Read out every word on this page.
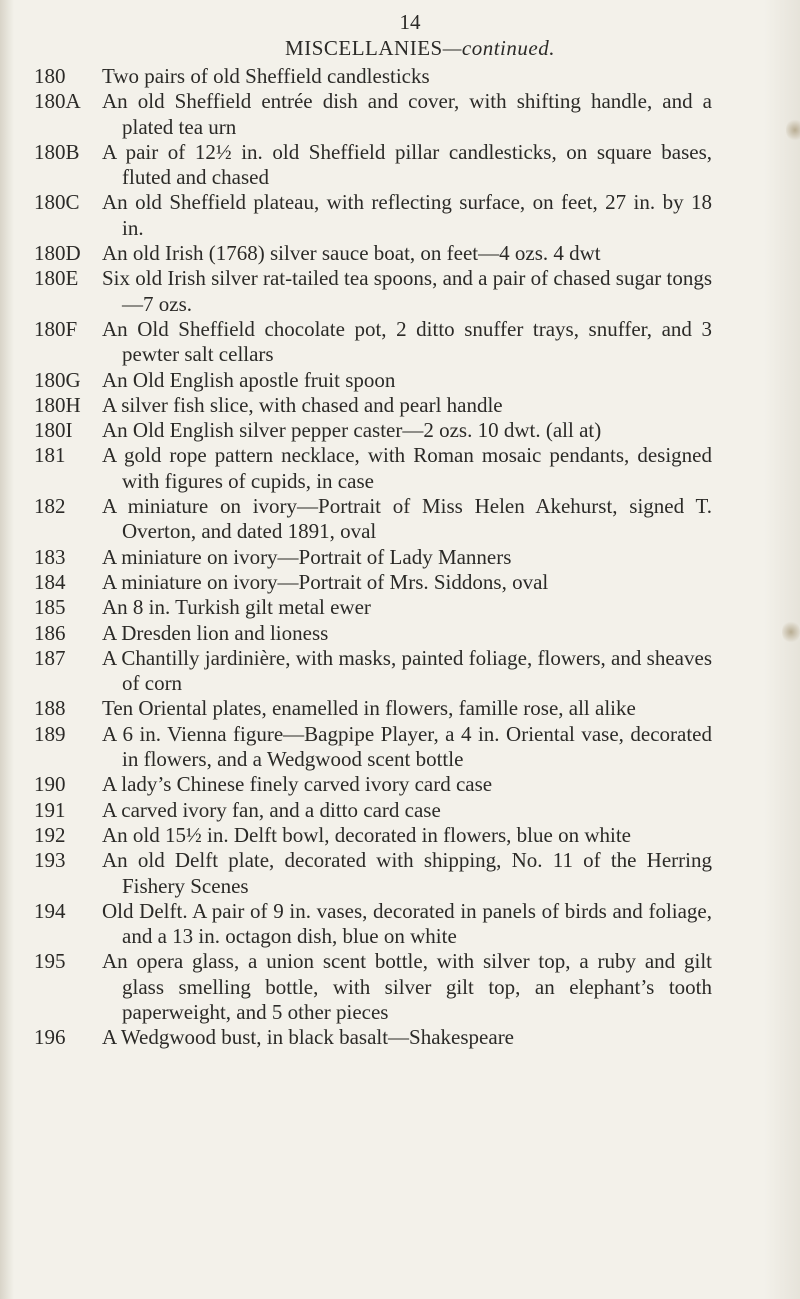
14
MISCELLANIES—continued.
180	Two pairs of old Sheffield candlesticks
180A	An old Sheffield entrée dish and cover, with shifting handle, and a plated tea urn
180B	A pair of 12½ in. old Sheffield pillar candlesticks, on square bases, fluted and chased
180C	An old Sheffield plateau, with reflecting surface, on feet, 27 in. by 18 in.
180D	An old Irish (1768) silver sauce boat, on feet—4 ozs. 4 dwt
180E	Six old Irish silver rat-tailed tea spoons, and a pair of chased sugar tongs—7 ozs.
180F	An Old Sheffield chocolate pot, 2 ditto snuffer trays, snuffer, and 3 pewter salt cellars
180G	An Old English apostle fruit spoon
180H	A silver fish slice, with chased and pearl handle
180I	An Old English silver pepper caster—2 ozs. 10 dwt. (all at)
181	A gold rope pattern necklace, with Roman mosaic pendants, designed with figures of cupids, in case
182	A miniature on ivory—Portrait of Miss Helen Akehurst, signed T. Overton, and dated 1891, oval
183	A miniature on ivory—Portrait of Lady Manners
184	A miniature on ivory—Portrait of Mrs. Siddons, oval
185	An 8 in. Turkish gilt metal ewer
186	A Dresden lion and lioness
187	A Chantilly jardinière, with masks, painted foliage, flowers, and sheaves of corn
188	Ten Oriental plates, enamelled in flowers, famille rose, all alike
189	A 6 in. Vienna figure—Bagpipe Player, a 4 in. Oriental vase, decorated in flowers, and a Wedgwood scent bottle
190	A lady’s Chinese finely carved ivory card case
191	A carved ivory fan, and a ditto card case
192	An old 15½ in. Delft bowl, decorated in flowers, blue on white
193	An old Delft plate, decorated with shipping, No. 11 of the Herring Fishery Scenes
194	Old Delft. A pair of 9 in. vases, decorated in panels of birds and foliage, and a 13 in. octagon dish, blue on white
195	An opera glass, a union scent bottle, with silver top, a ruby and gilt glass smelling bottle, with silver gilt top, an elephant’s tooth paperweight, and 5 other pieces
196	A Wedgwood bust, in black basalt—Shakespeare
